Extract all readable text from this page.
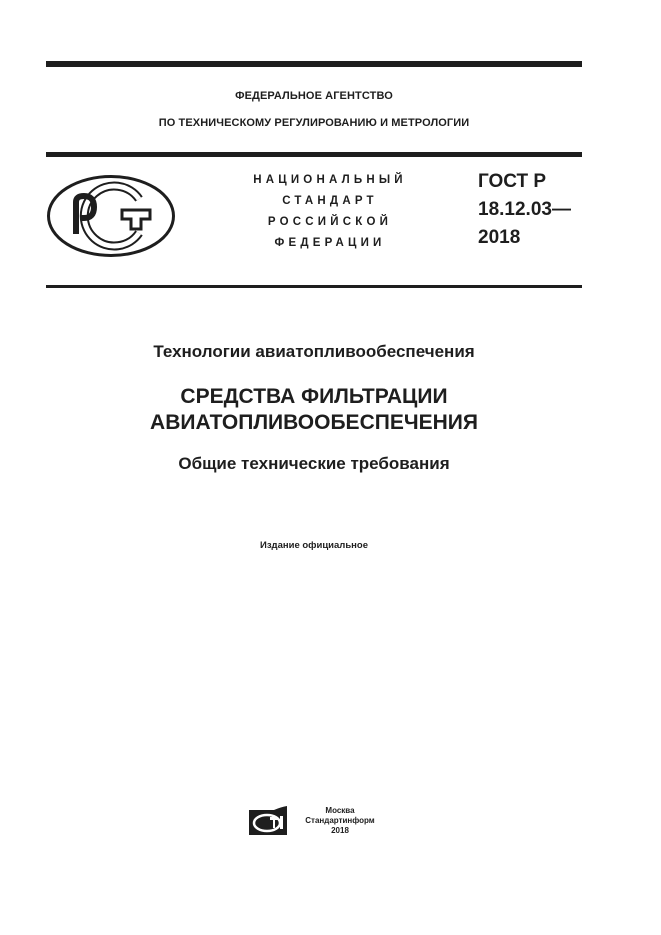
ФЕДЕРАЛЬНОЕ АГЕНТСТВО
ПО ТЕХНИЧЕСКОМУ РЕГУЛИРОВАНИЮ И МЕТРОЛОГИИ
НАЦИОНАЛЬНЫЙ
СТАНДАРТ
РОССИЙСКОЙ
ФЕДЕРАЦИИ
ГОСТ Р
18.12.03—
2018
Технологии авиатопливообеспечения
СРЕДСТВА ФИЛЬТРАЦИИ
АВИАТОПЛИВООБЕСПЕЧЕНИЯ
Общие технические требования
Издание официальное
Москва
Стандартинформ
2018
